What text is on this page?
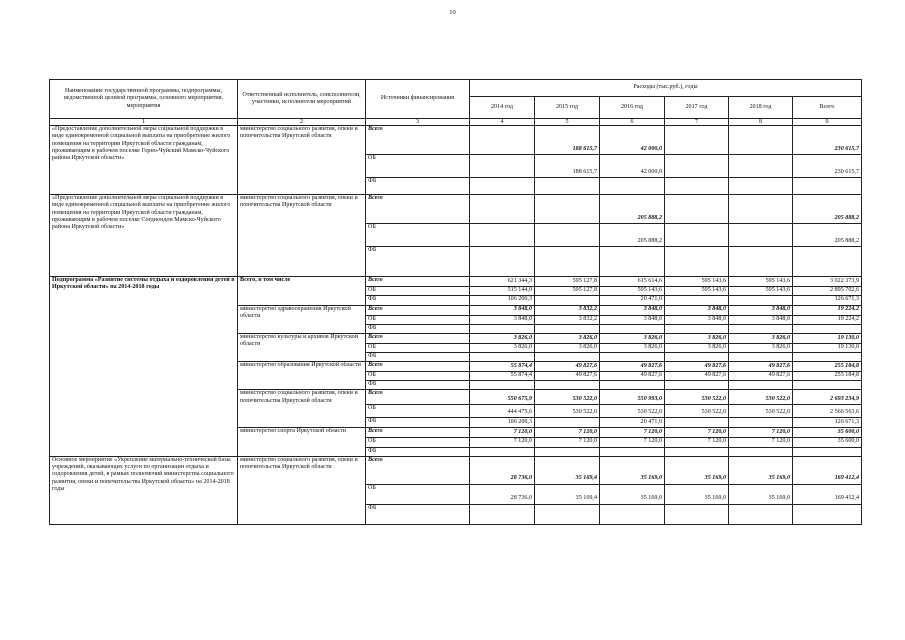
10
Наименование государственной программы, подпрограммы, ведомственной целевой программы, основного мероприятия, мероприятия	Ответственный исполнитель, соисполнители, участники, исполнители мероприятий	Источники финансирования	Расходы (тыс.руб.), годы					
			2014 год	2015 год	2016 год	2017 год	2018 год	Всего
1	2	3	4	5	6	7	8	9
«Предоставление дополнительной меры социальной поддержки в виде единовременной социальной выплаты на приобретение жилого помещения на территории Иркутской области гражданам, проживающим в рабочем поселке Горно-Чуйский Мамско-Чуйского района Иркутской области»	министерство социального развития, опеки и попечительства Иркутской области	Всего		188 615,7	42 000,0			230 615,7
		ОБ		188 615,7	42 000,0			230 615,7
		ФБ						
«Предоставление дополнительной меры социальной поддержки в виде единовременной социальной выплаты на приобретение жилого помещения на территории Иркутской области гражданам, проживающим в рабочем поселке Согдиондон Мамско-Чуйского района Иркутской области»	министерство социального развития, опеки и попечительства Иркутской области	Всего			205 888,2			205 888,2
		ОБ			205 888,2			205 888,2
		ФБ						
Подпрограмма «Развитие системы отдыха и оздоровления детей в Иркутской области» на 2014-2018 годы	Всего, в том числе	Всего	621 344,3	595 127,8	615 614,6	595 143,6	595 143,6	3 022 373,9
		ОБ	515 144,0	595 127,8	595 143,6	595 143,6	595 143,6	2 895 702,6
		ФБ	106 200,3		20 471,0			126 671,3
	министерство здравоохранения Иркутской области	Всего	3 848,0	3 832,2	3 848,0	3 848,0	3 848,0	19 224,2
		ОБ	3 848,0	3 832,2	3 848,0	3 848,0	3 848,0	19 224,2
		ФБ						
	министерство культуры и архивов Иркутской области	Всего	3 826,0	3 826,0	3 826,0	3 826,0	3 826,0	19 130,0
		ОБ	3 826,0	3 826,0	3 826,0	3 826,0	3 826,0	19 130,0
		ФБ						
	министерство образования Иркутской области	Всего	55 874,4	49 827,6	49 827,6	49 827,6	49 827,6	255 184,8
		ОБ	55 874,4	49 827,6	49 827,6	49 827,6	49 827,6	255 184,8
		ФБ						
	министерство социального развития, опеки и попечительства Иркутской области	Всего	550 675,9	530 522,0	550 993,0	530 522,0	530 522,0	2 693 234,9
		ОБ	444 475,6	530 522,0	530 522,0	530 522,0	530 522,0	2 566 563,6
		ФБ	106 200,3		20 471,0			126 671,3
	министерство спорта Иркутской области	Всего	7 120,0	7 120,0	7 120,0	7 120,0	7 120,0	35 600,0
		ОБ	7 120,0	7 120,0	7 120,0	7 120,0	7 120,0	35 600,0
		ФБ						
Основное мероприятие «Укрепление материально-технической базы учреждений, оказывающих услуги по организации отдыха и оздоровления детей, в рамках полномочий министерства социального развития, опеки и попечительства Иркутской области» на 2014-2018 годы	министерство социального развития, опеки и попечительства Иркутской области	Всего	28 736,0	35 169,4	35 169,0	35 169,0	35 169,0	169 412,4
		ОБ	28 736,0	35 169,4	35 169,0	35 169,0	35 169,0	169 412,4
		ФБ						
